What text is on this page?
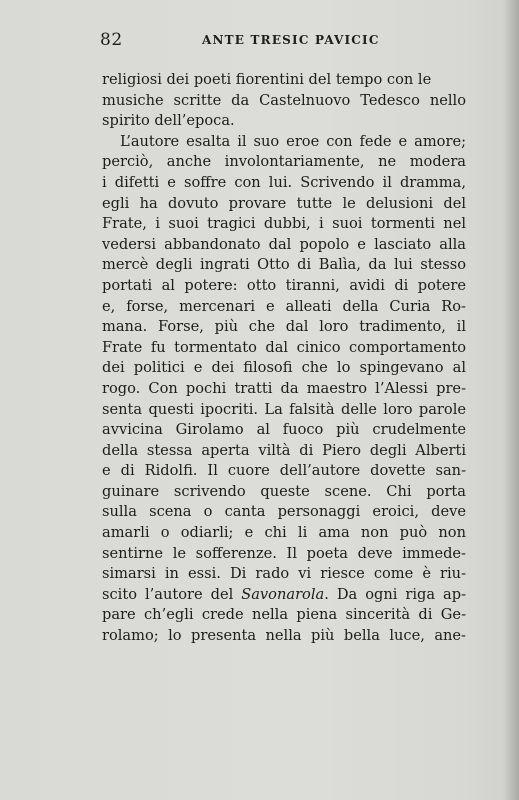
82	ANTE TRESIC PAVICIC
religiosi dei poeti fiorentini del tempo con le
musiche scritte da Castelnuovo Tedesco nello
spirito dell’epoca.
L’autore esalta il suo eroe con fede e amore;
perciò, anche involontariamente, ne modera
i difetti e soffre con lui. Scrivendo il dramma,
egli ha dovuto provare tutte le delusioni del
Frate, i suoi tragici dubbi, i suoi tormenti nel
vedersi abbandonato dal popolo e lasciato alla
mercè degli ingrati Otto di Balìa, da lui stesso
portati al potere: otto tiranni, avidi di potere
e, forse, mercenari e alleati della Curia Ro-
mana. Forse, più che dal loro tradimento, il
Frate fu tormentato dal cinico comportamento
dei politici e dei filosofi che lo spingevano al
rogo. Con pochi tratti da maestro l’Alessi pre-
senta questi ipocriti. La falsità delle loro parole
avvicina Girolamo al fuoco più crudelmente
della stessa aperta viltà di Piero degli Alberti
e di Ridolfi. Il cuore dell’autore dovette san-
guinare scrivendo queste scene. Chi porta
sulla scena o canta personaggi eroici, deve
amarli o odiarli; e chi li ama non può non
sentirne le sofferenze. Il poeta deve immede-
simarsi in essi. Di rado vi riesce come è riu-
scito l’autore del Savonarola. Da ogni riga ap-
pare ch’egli crede nella piena sincerità di Ge-
rolamo; lo presenta nella più bella luce, ane-
